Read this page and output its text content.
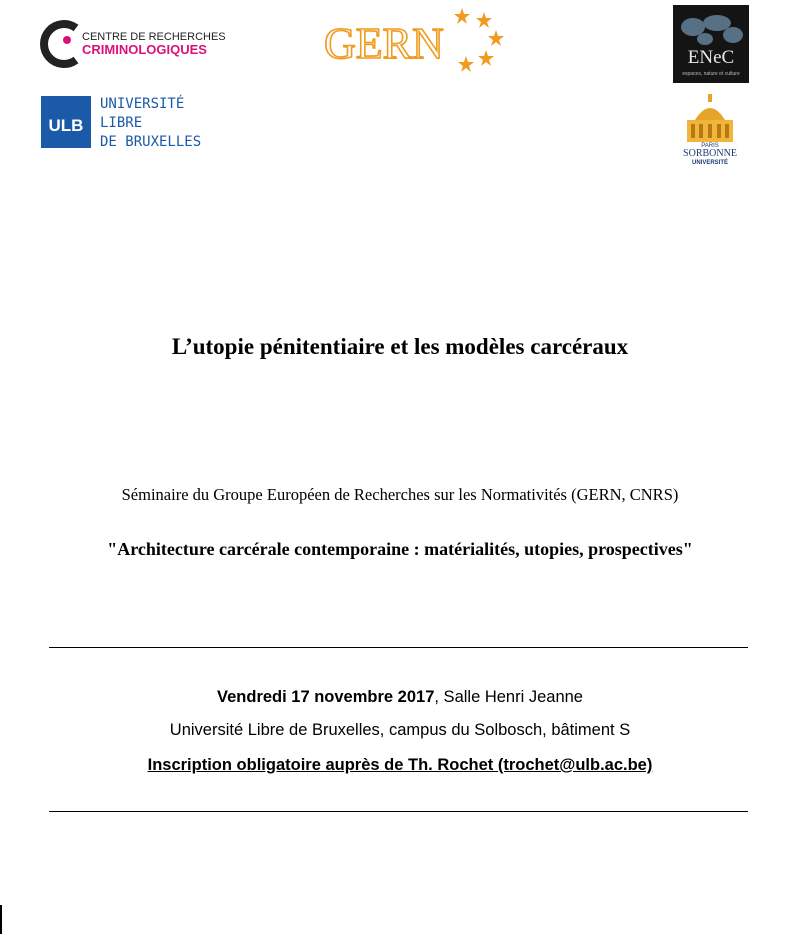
CENTRE DE RECHERCHES
CRIMINOLOGIQUES	GERN	ENeC
espaces, nature et culture
ULB
UNIVERSITÉ
LIBRE
DE BRUXELLES	PARIS
SORBONNE
UNIVERSITÉ
L’utopie pénitentiaire et les modèles carcéraux
Séminaire du Groupe Européen de Recherches sur les Normativités (GERN, CNRS)
"Architecture carcérale contemporaine : matérialités, utopies, prospectives"
Vendredi 17 novembre 2017, Salle Henri Jeanne
Université Libre de Bruxelles, campus du Solbosch, bâtiment S
Inscription obligatoire auprès de Th. Rochet (trochet@ulb.ac.be)
